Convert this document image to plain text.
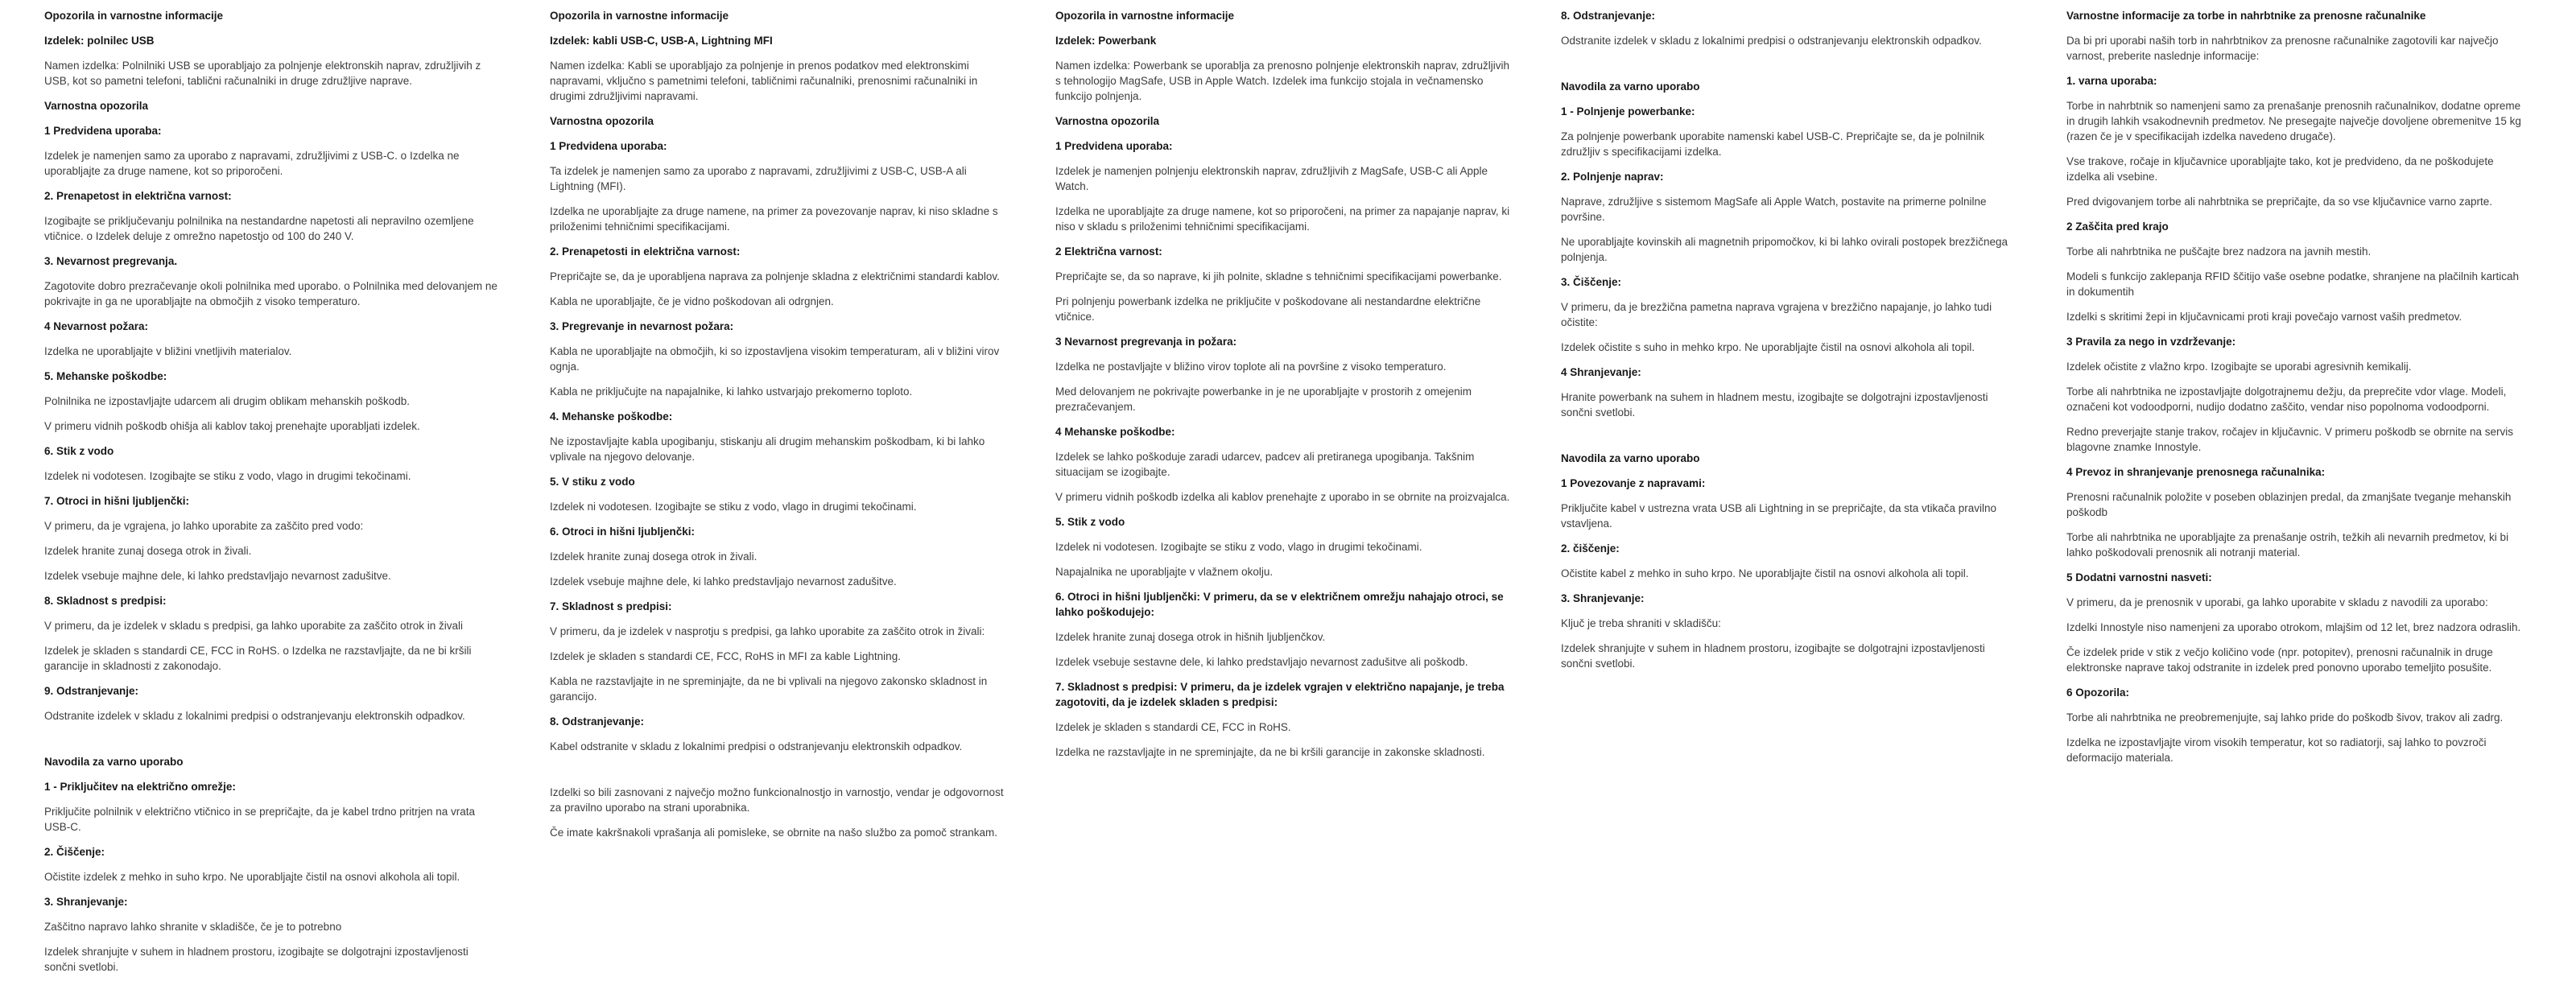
Opozorila in varnostne informacije
Izdelek: polnilec USB

Namen izdelka: Polnilniki USB se uporabljajo za polnjenje elektronskih naprav, združljivih z USB, kot so pametni telefoni, tablični računalniki in druge združljive naprave.

Varnostna opozorila
1 Predvidena uporaba:

Izdelek je namenjen samo za uporabo z napravami, združljivimi z USB-C. o Izdelka ne uporabljajte za druge namene, kot so priporočeni.

2. Prenapetost in električna varnost:

Izogibajte se priključevanju polnilnika na nestandardne napetosti ali nepravilno ozemljene vtičnice. o Izdelek deluje z omrežno napetostjo od 100 do 240 V.

3. Nevarnost pregrevanja.

Zagotovite dobro prezračevanje okoli polnilnika med uporabo. o Polnilnika med delovanjem ne pokrivajte in ga ne uporabljajte na območjih z visoko temperaturo.

4 Nevarnost požara:

Izdelka ne uporabljajte v bližini vnetljivih materialov.

5. Mehanske poškodbe:

Polnilnika ne izpostavljajte udarcem ali drugim oblikam mehanskih poškodb.

V primeru vidnih poškodb ohišja ali kablov takoj prenehajte uporabljati izdelek.

6. Stik z vodo

Izdelek ni vodotesen. Izogibajte se stiku z vodo, vlago in drugimi tekočinami.

7. Otroci in hišni ljubljenčki:

V primeru, da je vgrajena, jo lahko uporabite za zaščito pred vodo:

Izdelek hranite zunaj dosega otrok in živali.

Izdelek vsebuje majhne dele, ki lahko predstavljajo nevarnost zadušitve.

8. Skladnost s predpisi:

V primeru, da je izdelek v skladu s predpisi, ga lahko uporabite za zaščito otrok in živali

Izdelek je skladen s standardi CE, FCC in RoHS. o Izdelka ne razstavljajte, da ne bi kršili garancije in skladnosti z zakonodajo.

9. Odstranjevanje:

Odstranite izdelek v skladu z lokalnimi predpisi o odstranjevanju elektronskih odpadkov.

Navodila za varno uporabo
1 - Priključitev na električno omrežje:

Priključite polnilnik v električno vtičnico in se prepričajte, da je kabel trdno pritrjen na vrata USB-C.

2. Čiščenje:

Očistite izdelek z mehko in suho krpo. Ne uporabljajte čistil na osnovi alkohola ali topil.

3. Shranjevanje:

Zaščitno napravo lahko shranite v skladišče, če je to potrebno

Izdelek shranjujte v suhem in hladnem prostoru, izogibajte se dolgotrajni izpostavljenosti sončni svetlobi.

Opozorila in varnostne informacije
Izdelek: kabli USB-C, USB-A, Lightning MFI

Namen izdelka: Kabli se uporabljajo za polnjenje in prenos podatkov med elektronskimi napravami, vključno s pametnimi telefoni, tabličnimi računalniki, prenosnimi računalniki in drugimi združljivimi napravami.

Varnostna opozorila
1 Predvidena uporaba:

Ta izdelek je namenjen samo za uporabo z napravami, združljivimi z USB-C, USB-A ali Lightning (MFI).

Izdelka ne uporabljajte za druge namene, na primer za povezovanje naprav, ki niso skladne s priloženimi tehničnimi specifikacijami.

2. Prenapetosti in električna varnost:

Prepričajte se, da je uporabljena naprava za polnjenje skladna z električnimi standardi kablov.

Kabla ne uporabljajte, če je vidno poškodovan ali odrgnjen.

3. Pregrevanje in nevarnost požara:

Kabla ne uporabljajte na območjih, ki so izpostavljena visokim temperaturam, ali v bližini virov ognja.

Kabla ne priključujte na napajalnike, ki lahko ustvarjajo prekomerno toploto.

4. Mehanske poškodbe:

Ne izpostavljajte kabla upogibanju, stiskanju ali drugim mehanskim poškodbam, ki bi lahko vplivale na njegovo delovanje.

5. V stiku z vodo

Izdelek ni vodotesen. Izogibajte se stiku z vodo, vlago in drugimi tekočinami.

6. Otroci in hišni ljubljenčki:

Izdelek hranite zunaj dosega otrok in živali.

Izdelek vsebuje majhne dele, ki lahko predstavljajo nevarnost zadušitve.

7. Skladnost s predpisi:

V primeru, da je izdelek v nasprotju s predpisi, ga lahko uporabite za zaščito otrok in živali:

Izdelek je skladen s standardi CE, FCC, RoHS in MFI za kable Lightning.

Kabla ne razstavljajte in ne spreminjajte, da ne bi vplivali na njegovo zakonsko skladnost in garancijo.

8. Odstranjevanje:

Kabel odstranite v skladu z lokalnimi predpisi o odstranjevanju elektronskih odpadkov.

Izdelki so bili zasnovani z največjo možno funkcionalnostjo in varnostjo, vendar je odgovornost za pravilno uporabo na strani uporabnika.

Če imate kakršnakoli vprašanja ali pomisleke, se obrnite na našo službo za pomoč strankam.

Opozorila in varnostne informacije
Izdelek: Powerbank

Namen izdelka: Powerbank se uporablja za prenosno polnjenje elektronskih naprav, združljivih s tehnologijo MagSafe, USB in Apple Watch. Izdelek ima funkcijo stojala in večnamensko funkcijo polnjenja.

Varnostna opozorila
1 Predvidena uporaba:

Izdelek je namenjen polnjenju elektronskih naprav, združljivih z MagSafe, USB-C ali Apple Watch.

Izdelka ne uporabljajte za druge namene, kot so priporočeni, na primer za napajanje naprav, ki niso v skladu s priloženimi tehničnimi specifikacijami.

2 Električna varnost:

Prepričajte se, da so naprave, ki jih polnite, skladne s tehničnimi specifikacijami powerbanke.

Pri polnjenju powerbank izdelka ne priključite v poškodovane ali nestandardne električne vtičnice.

3 Nevarnost pregrevanja in požara:

Izdelka ne postavljajte v bližino virov toplote ali na površine z visoko temperaturo.

Med delovanjem ne pokrivajte powerbanke in je ne uporabljajte v prostorih z omejenim prezračevanjem.

4 Mehanske poškodbe:

Izdelek se lahko poškoduje zaradi udarcev, padcev ali pretiranega upogibanja. Takšnim situacijam se izogibajte.

V primeru vidnih poškodb izdelka ali kablov prenehajte z uporabo in se obrnite na proizvajalca.

5. Stik z vodo

Izdelek ni vodotesen. Izogibajte se stiku z vodo, vlago in drugimi tekočinami.

Napajalnika ne uporabljajte v vlažnem okolju.

6. Otroci in hišni ljubljenčki: V primeru, da se v električnem omrežju nahajajo otroci, se lahko poškodujejo:

Izdelek hranite zunaj dosega otrok in hišnih ljubljenčkov.

Izdelek vsebuje sestavne dele, ki lahko predstavljajo nevarnost zadušitve ali poškodb.

7. Skladnost s predpisi: V primeru, da je izdelek vgrajen v električno napajanje, je treba zagotoviti, da je izdelek skladen s predpisi:

Izdelek je skladen s standardi CE, FCC in RoHS.

Izdelka ne razstavljajte in ne spreminjajte, da ne bi kršili garancije in zakonske skladnosti.

8. Odstranjevanje:

Odstranite izdelek v skladu z lokalnimi predpisi o odstranjevanju elektronskih odpadkov.

Navodila za varno uporabo
1 - Polnjenje powerbanke:

Za polnjenje powerbank uporabite namenski kabel USB-C. Prepričajte se, da je polnilnik združljiv s specifikacijami izdelka.

2. Polnjenje naprav:

Naprave, združljive s sistemom MagSafe ali Apple Watch, postavite na primerne polnilne površine.

Ne uporabljajte kovinskih ali magnetnih pripomočkov, ki bi lahko ovirali postopek brezžičnega polnjenja.

3. Čiščenje:

V primeru, da je brezžična pametna naprava vgrajena v brezžično napajanje, jo lahko tudi očistite:

Izdelek očistite s suho in mehko krpo. Ne uporabljajte čistil na osnovi alkohola ali topil.

4 Shranjevanje:

Hranite powerbank na suhem in hladnem mestu, izogibajte se dolgotrajni izpostavljenosti sončni svetlobi.

Navodila za varno uporabo
1 Povezovanje z napravami:

Priključite kabel v ustrezna vrata USB ali Lightning in se prepričajte, da sta vtikača pravilno vstavljena.

2. čiščenje:

Očistite kabel z mehko in suho krpo. Ne uporabljajte čistil na osnovi alkohola ali topil.

3. Shranjevanje:

Ključ je treba shraniti v skladišču:

Izdelek shranjujte v suhem in hladnem prostoru, izogibajte se dolgotrajni izpostavljenosti sončni svetlobi.

Varnostne informacije za torbe in nahrbtnike za prenosne računalnike

Da bi pri uporabi naših torb in nahrbtnikov za prenosne računalnike zagotovili kar največjo varnost, preberite naslednje informacije:

1. varna uporaba:

Torbe in nahrbtnik so namenjeni samo za prenašanje prenosnih računalnikov, dodatne opreme in drugih lahkih vsakodnevnih predmetov. Ne presegajte največje dovoljene obremenitve 15 kg (razen če je v specifikacijah izdelka navedeno drugače).

Vse trakove, ročaje in ključavnice uporabljajte tako, kot je predvideno, da ne poškodujete izdelka ali vsebine.

Pred dvigovanjem torbe ali nahrbtnika se prepričajte, da so vse ključavnice varno zaprte.

2 Zaščita pred krajo

Torbe ali nahrbtnika ne puščajte brez nadzora na javnih mestih.

Modeli s funkcijo zaklepanja RFID ščitijo vaše osebne podatke, shranjene na plačilnih karticah in dokumentih

Izdelki s skritimi žepi in ključavnicami proti kraji povečajo varnost vaših predmetov.

3 Pravila za nego in vzdrževanje:

Izdelek očistite z vlažno krpo. Izogibajte se uporabi agresivnih kemikalij.

Torbe ali nahrbtnika ne izpostavljajte dolgotrajnemu dežju, da preprečite vdor vlage. Modeli, označeni kot vodoodporni, nudijo dodatno zaščito, vendar niso popolnoma vodoodporni.

Redno preverjajte stanje trakov, ročajev in ključavnic. V primeru poškodb se obrnite na servis blagovne znamke Innostyle.

4 Prevoz in shranjevanje prenosnega računalnika:

Prenosni računalnik položite v poseben oblazinjen predal, da zmanjšate tveganje mehanskih poškodb

Torbe ali nahrbtnika ne uporabljajte za prenašanje ostrih, težkih ali nevarnih predmetov, ki bi lahko poškodovali prenosnik ali notranji material.

5 Dodatni varnostni nasveti:

V primeru, da je prenosnik v uporabi, ga lahko uporabite v skladu z navodili za uporabo:

Izdelki Innostyle niso namenjeni za uporabo otrokom, mlajšim od 12 let, brez nadzora odraslih.

Če izdelek pride v stik z večjo količino vode (npr. potopitev), prenosni računalnik in druge elektronske naprave takoj odstranite in izdelek pred ponovno uporabo temeljito posušite.

6 Opozorila:

Torbe ali nahrbtnika ne preobremenjujte, saj lahko pride do poškodb šivov, trakov ali zadrg.

Izdelka ne izpostavljajte virom visokih temperatur, kot so radiatorji, saj lahko to povzroči deformacijo materiala.
